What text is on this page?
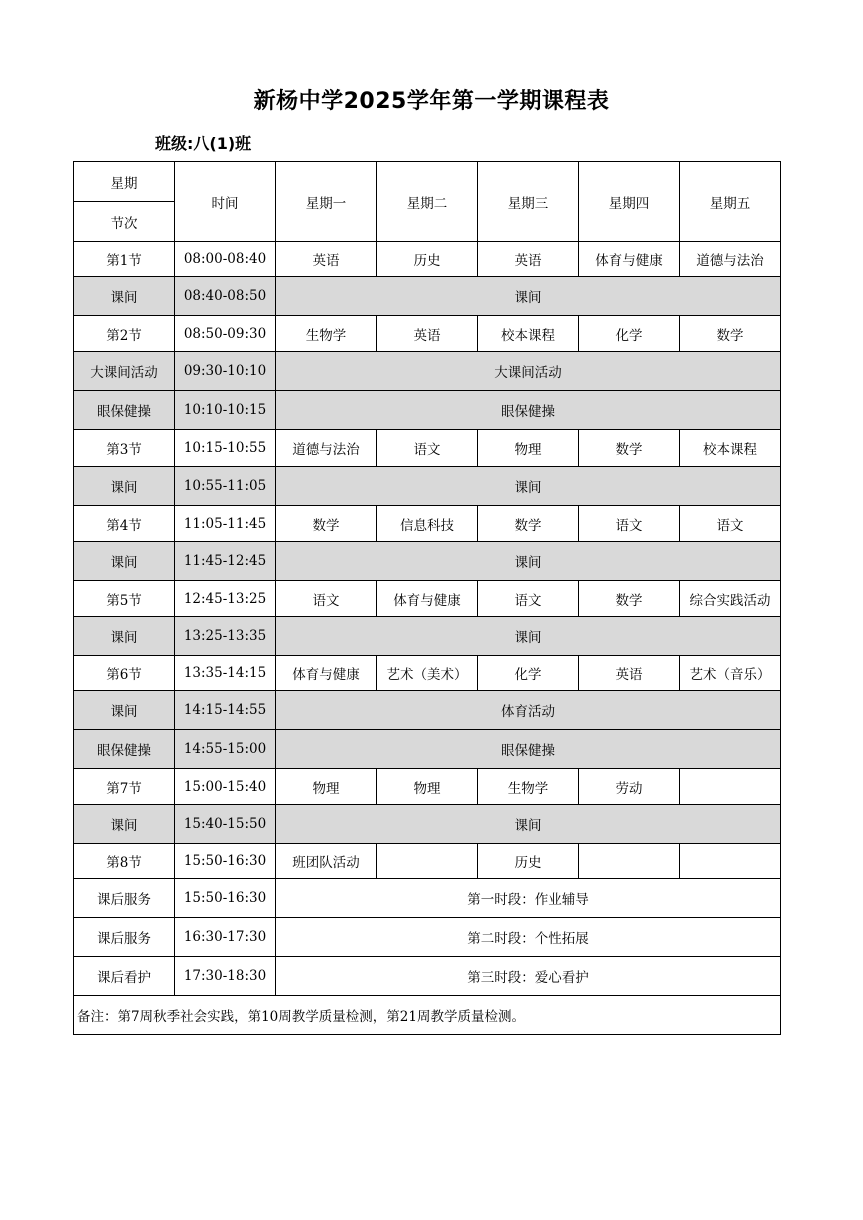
新杨中学2025学年第一学期课程表
班级:八(1)班
星期	时间	星期一	星期二	星期三	星期四	星期五
节次						
第1节	08:00-08:40	英语	历史	英语	体育与健康	道德与法治
课间	08:40-08:50	课间				
第2节	08:50-09:30	生物学	英语	校本课程	化学	数学
大课间活动	09:30-10:10	大课间活动				
眼保健操	10:10-10:15	眼保健操				
第3节	10:15-10:55	道德与法治	语文	物理	数学	校本课程
课间	10:55-11:05	课间				
第4节	11:05-11:45	数学	信息科技	数学	语文	语文
课间	11:45-12:45	课间				
第5节	12:45-13:25	语文	体育与健康	语文	数学	综合实践活动
课间	13:25-13:35	课间				
第6节	13:35-14:15	体育与健康	艺术（美术）	化学	英语	艺术（音乐）
课间	14:15-14:55	体育活动				
眼保健操	14:55-15:00	眼保健操				
第7节	15:00-15:40	物理	物理	生物学	劳动	
课间	15:40-15:50	课间				
第8节	15:50-16:30	班团队活动		历史		
课后服务	15:50-16:30	第一时段：作业辅导				
课后服务	16:30-17:30	第二时段：个性拓展				
课后看护	17:30-18:30	第三时段：爱心看护				
备注：第7周秋季社会实践，第10周教学质量检测，第21周教学质量检测。						
